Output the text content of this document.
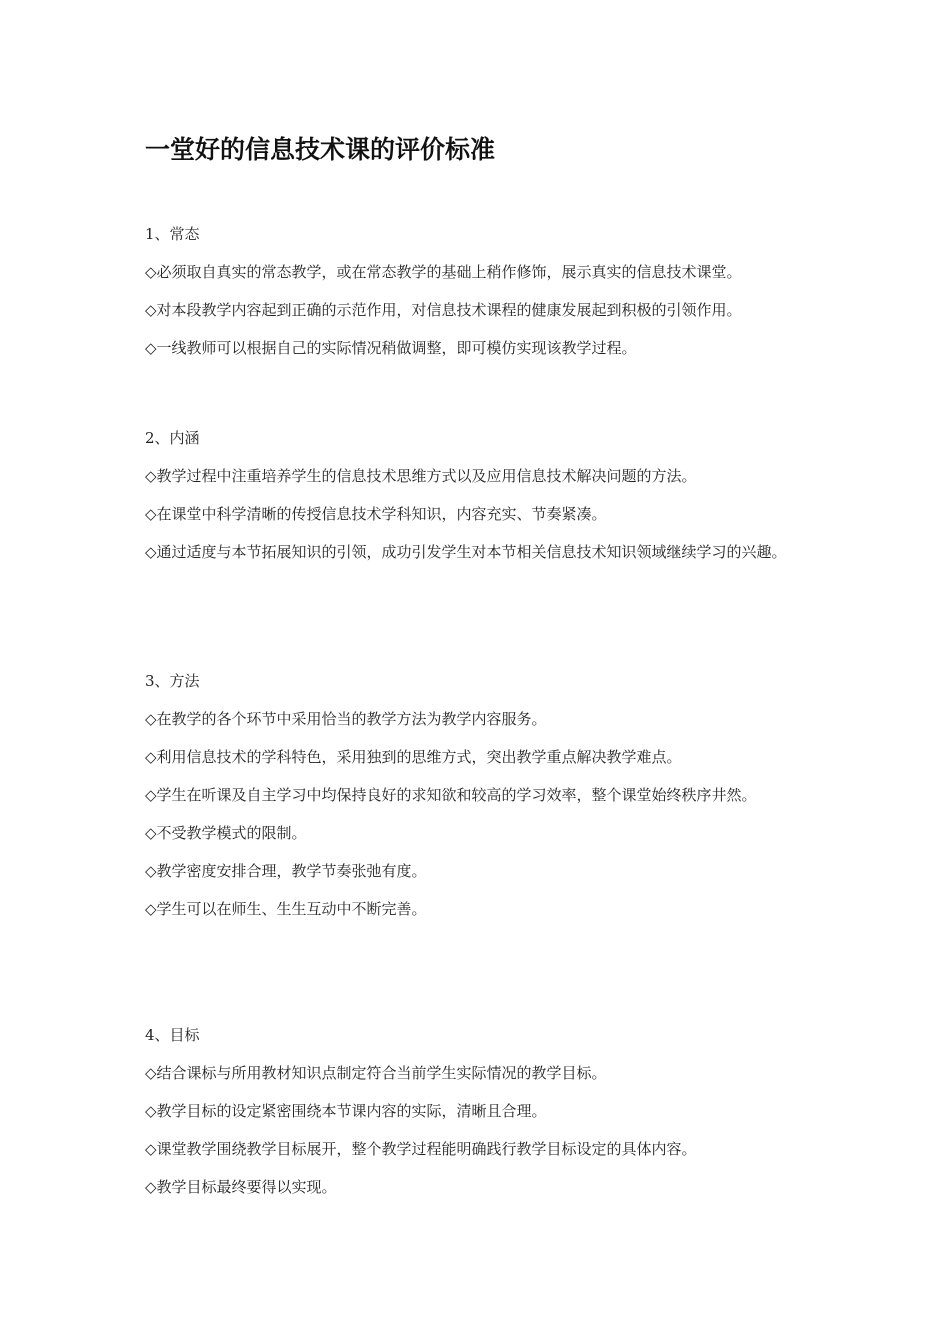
一堂好的信息技术课的评价标准
1、常态
◇必须取自真实的常态教学，或在常态教学的基础上稍作修饰，展示真实的信息技术课堂。
◇对本段教学内容起到正确的示范作用，对信息技术课程的健康发展起到积极的引领作用。
◇一线教师可以根据自己的实际情况稍做调整，即可模仿实现该教学过程。
2、内涵
◇教学过程中注重培养学生的信息技术思维方式以及应用信息技术解决问题的方法。
◇在课堂中科学清晰的传授信息技术学科知识，内容充实、节奏紧凑。
◇通过适度与本节拓展知识的引领，成功引发学生对本节相关信息技术知识领域继续学习的兴趣。
3、方法
◇在教学的各个环节中采用恰当的教学方法为教学内容服务。
◇利用信息技术的学科特色，采用独到的思维方式，突出教学重点解决教学难点。
◇学生在听课及自主学习中均保持良好的求知欲和较高的学习效率，整个课堂始终秩序井然。
◇不受教学模式的限制。
◇教学密度安排合理，教学节奏张弛有度。
◇学生可以在师生、生生互动中不断完善。
4、目标
◇结合课标与所用教材知识点制定符合当前学生实际情况的教学目标。
◇教学目标的设定紧密围绕本节课内容的实际，清晰且合理。
◇课堂教学围绕教学目标展开，整个教学过程能明确践行教学目标设定的具体内容。
◇教学目标最终要得以实现。
